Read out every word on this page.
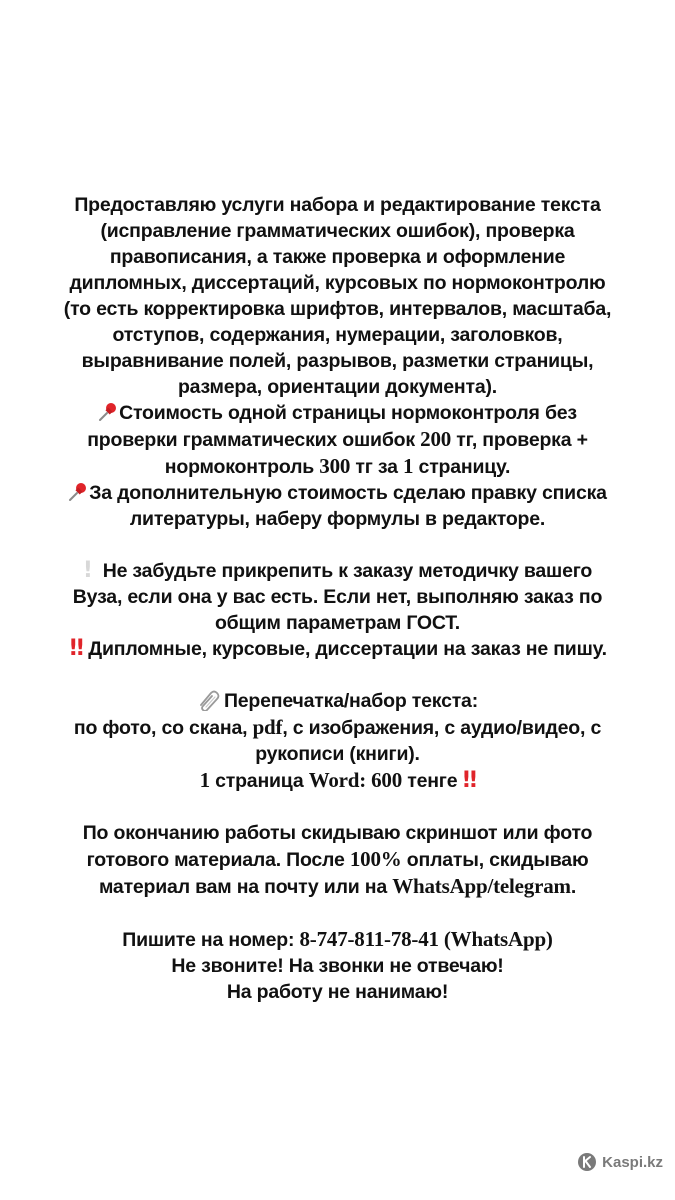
Предоставляю услуги набора и редактирование текста
(исправление грамматических ошибок), проверка
правописания, а также проверка и оформление
дипломных, диссертаций, курсовых по нормоконтролю
(то есть корректировка шрифтов, интервалов, масштаба,
отступов, содержания, нумерации, заголовков,
выравнивание полей, разрывов, разметки страницы,
размера, ориентации документа).
Стоимость одной страницы нормоконтроля без
проверки грамматических ошибок 200 тг, проверка +
нормоконтроль 300 тг за 1 страницу.
За дополнительную стоимость сделаю правку списка
литературы, наберу формулы в редакторе.
! Не забудьте прикрепить к заказу методичку вашего
Вуза, если она у вас есть. Если нет, выполняю заказ по
общим параметрам ГОСТ.
!! Дипломные, курсовые, диссертации на заказ не пишу.
Перепечатка/набор текста:
по фото, со скана, pdf, с изображения, с аудио/видео, с
рукописи (книги).
1 страница Word: 600 тенге !!
По окончанию работы скидываю скриншот или фото
готового материала. После 100% оплаты, скидываю
материал вам на почту или на WhatsApp/telegram.
Пишите на номер: 8-747-811-78-41 (WhatsApp)
Не звоните! На звонки не отвечаю!
На работу не нанимаю!
Kaspi.kz
